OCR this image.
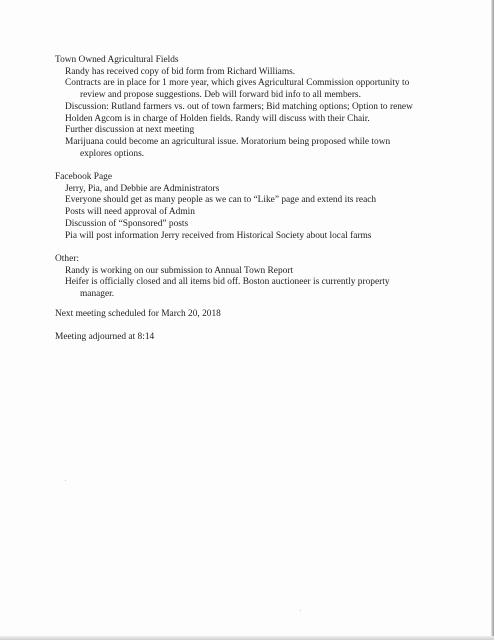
Town Owned Agricultural Fields
Randy has received copy of bid form from Richard Williams.
Contracts are in place for 1 more year, which gives Agricultural Commission opportunity to
review and propose suggestions. Deb will forward bid info to all members.
Discussion: Rutland farmers vs. out of town farmers; Bid matching options; Option to renew
Holden Agcom is in charge of Holden fields. Randy will discuss with their Chair.
Further discussion at next meeting
Marijuana could become an agricultural issue. Moratorium being proposed while town
explores options.
Facebook Page
Jerry, Pia, and Debbie are Administrators
Everyone should get as many people as we can to “Like” page and extend its reach
Posts will need approval of Admin
Discussion of “Sponsored” posts
Pia will post information Jerry received from Historical Society about local farms
Other:
Randy is working on our submission to Annual Town Report
Heifer is officially closed and all items bid off. Boston auctioneer is currently property
manager.
Next meeting scheduled for March 20, 2018
Meeting adjourned at 8:14
